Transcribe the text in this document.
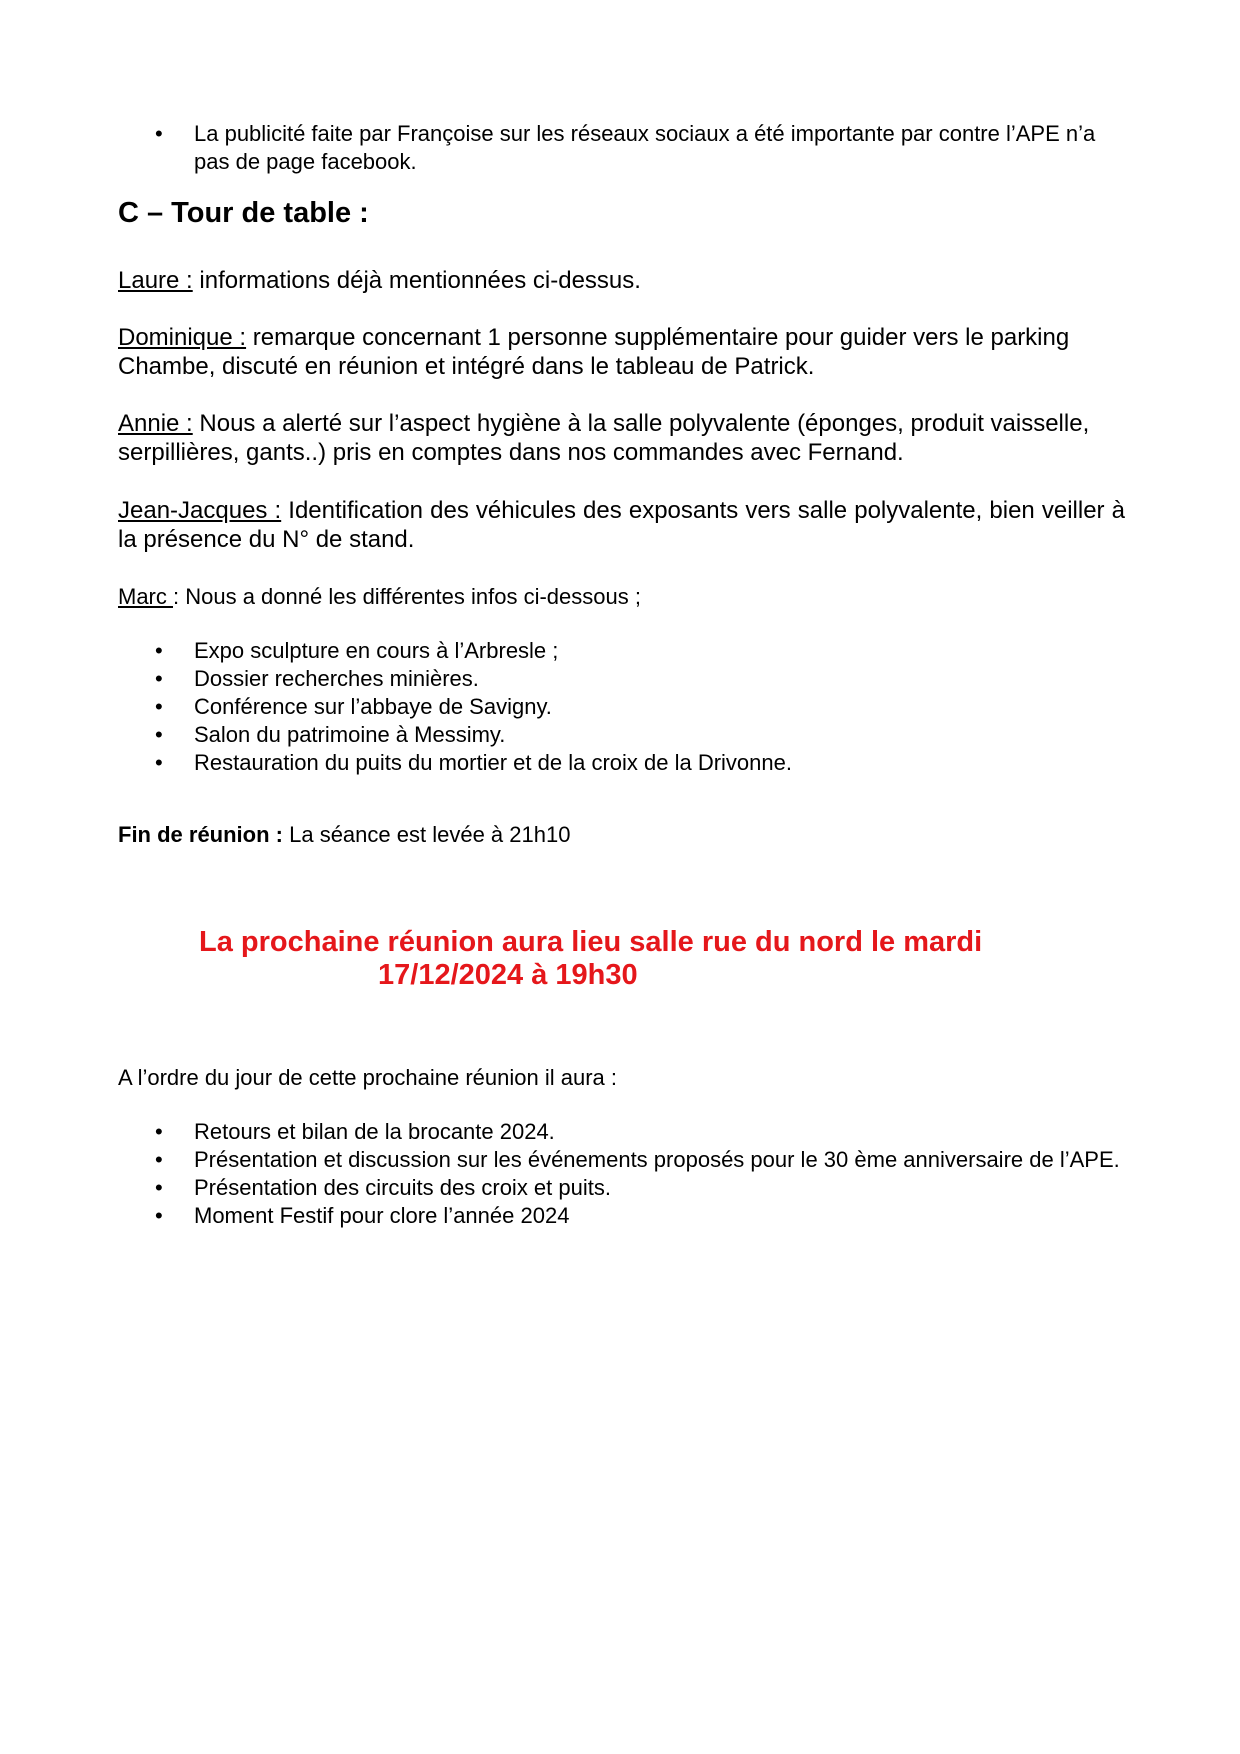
• La publicité faite par Françoise sur les réseaux sociaux a été importante par contre l’APE n’a pas de page facebook.
C – Tour de table :
Laure : informations déjà mentionnées ci-dessus.
Dominique : remarque concernant 1 personne supplémentaire pour guider vers le parking Chambe, discuté en réunion et intégré dans le tableau de Patrick.
Annie : Nous a alerté sur l’aspect hygiène à la salle polyvalente (éponges, produit vaisselle, serpillières, gants..) pris en comptes dans nos commandes avec Fernand.
Jean-Jacques : Identification des véhicules des exposants vers salle polyvalente, bien veiller à la présence du N° de stand.
Marc : Nous a donné les différentes infos ci-dessous ;
• Expo sculpture en cours à l’Arbresle ;
• Dossier recherches minières.
• Conférence sur l’abbaye de Savigny.
• Salon du patrimoine à Messimy.
• Restauration du puits du mortier et de la croix de la Drivonne.
Fin de réunion : La séance est levée à 21h10
La prochaine réunion aura lieu salle rue du nord le mardi
17/12/2024 à 19h30
A l’ordre du jour de cette prochaine réunion il aura :
• Retours et bilan de la brocante 2024.
• Présentation et discussion sur les événements proposés pour le 30 ème anniversaire de l’APE.
• Présentation des circuits des croix et puits.
• Moment Festif pour clore l’année 2024
